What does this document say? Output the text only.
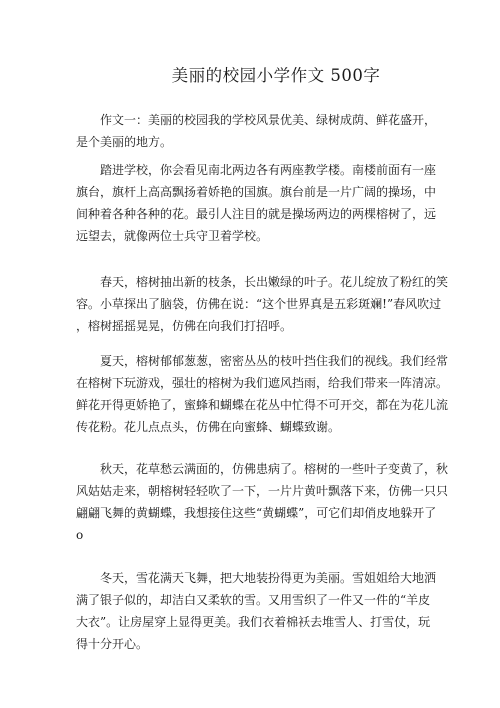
美丽的校园小学作文 500字
作文一：美丽的校园我的学校风景优美、绿树成荫、鲜花盛开，
是个美丽的地方。
踏进学校，你会看见南北两边各有两座教学楼。南楼前面有一座
旗台，旗杆上高高飘扬着娇艳的国旗。旗台前是一片广阔的操场，中
间种着各种各种的花。最引人注目的就是操场两边的两棵榕树了，远
远望去，就像两位士兵守卫着学校。
春天，榕树抽出新的枝条，长出嫩绿的叶子。花儿绽放了粉红的笑
容。小草探出了脑袋，仿佛在说：“这个世界真是五彩斑斓!”春风吹过
，榕树摇摇晃晃，仿佛在向我们打招呼。
夏天，榕树郁郁葱葱，密密丛丛的枝叶挡住我们的视线。我们经常
在榕树下玩游戏，强壮的榕树为我们遮风挡雨，给我们带来一阵清凉。
鲜花开得更娇艳了，蜜蜂和蝴蝶在花丛中忙得不可开交，都在为花儿流
传花粉。花儿点点头，仿佛在向蜜蜂、蝴蝶致谢。
秋天，花草愁云满面的，仿佛患病了。榕树的一些叶子变黄了，秋
风姑姑走来，朝榕树轻轻吹了一下，一片片黄叶飘落下来，仿佛一只只
翩翩飞舞的黄蝴蝶，我想接住这些“黄蝴蝶”，可它们却俏皮地躲开了
o
冬天，雪花满天飞舞，把大地装扮得更为美丽。雪姐姐给大地洒
满了银子似的，却洁白又柔软的雪。又用雪织了一件又一件的“羊皮
大衣”。让房屋穿上显得更美。我们衣着棉袄去堆雪人、打雪仗，玩
得十分开心。
